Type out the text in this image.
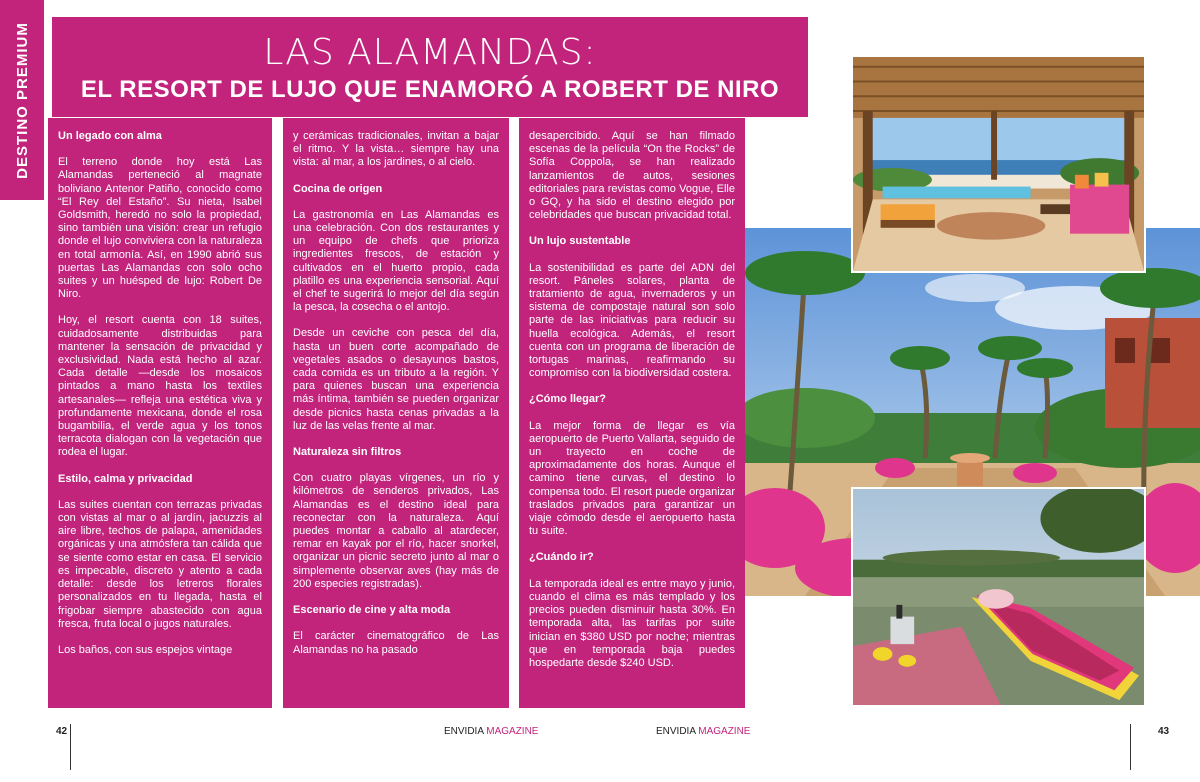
DESTINO PREMIUM	LAS ALAMANDAS:
EL RESORT DE LUJO QUE ENAMORÓ A ROBERT DE NIRO
Un legado con alma

El terreno donde hoy está Las Alamandas perteneció al magnate boliviano Antenor Patiño, conocido como “El Rey del Estaño”. Su nieta, Isabel Goldsmith, heredó no solo la propiedad, sino también una visión: crear un refugio donde el lujo conviviera con la naturaleza en total armonía. Así, en 1990 abrió sus puertas Las Alamandas con solo ocho suites y un huésped de lujo: Robert De Niro.

Hoy, el resort cuenta con 18 suites, cuidadosamente distribuidas para mantener la sensación de privacidad y exclusividad. Nada está hecho al azar. Cada detalle —desde los mosaicos pintados a mano hasta los textiles artesanales— refleja una estética viva y profundamente mexicana, donde el rosa bugambilia, el verde agua y los tonos terracota dialogan con la vegetación que rodea el lugar.

Estilo, calma y privacidad

Las suites cuentan con terrazas privadas con vistas al mar o al jardín, jacuzzis al aire libre, techos de palapa, amenidades orgánicas y una atmósfera tan cálida que se siente como estar en casa. El servicio es impecable, discreto y atento a cada detalle: desde los letreros florales personalizados en tu llegada, hasta el frigobar siempre abastecido con agua fresca, fruta local o jugos naturales.

Los baños, con sus espejos vintage

y cerámicas tradicionales, invitan a bajar el ritmo. Y la vista… siempre hay una vista: al mar, a los jardines, o al cielo.

Cocina de origen

La gastronomía en Las Alamandas es una celebración. Con dos restaurantes y un equipo de chefs que prioriza ingredientes frescos, de estación y cultivados en el huerto propio, cada platillo es una experiencia sensorial. Aquí el chef te sugerirá lo mejor del día según la pesca, la cosecha o el antojo.

Desde un ceviche con pesca del día, hasta un buen corte acompañado de vegetales asados o desayunos bastos, cada comida es un tributo a la región. Y para quienes buscan una experiencia más íntima, también se pueden organizar desde picnics hasta cenas privadas a la luz de las velas frente al mar.

Naturaleza sin filtros

Con cuatro playas vírgenes, un río y kilómetros de senderos privados, Las Alamandas es el destino ideal para reconectar con la naturaleza. Aquí puedes montar a caballo al atardecer, remar en kayak por el río, hacer snorkel, organizar un picnic secreto junto al mar o simplemente observar aves (hay más de 200 especies registradas).

Escenario de cine y alta moda

El carácter cinematográfico de Las Alamandas no ha pasado

desapercibido. Aquí se han filmado escenas de la película “On the Rocks” de Sofía Coppola, se han realizado lanzamientos de autos, sesiones editoriales para revistas como Vogue, Elle o GQ, y ha sido el destino elegido por celebridades que buscan privacidad total.

Un lujo sustentable

La sostenibilidad es parte del ADN del resort. Páneles solares, planta de tratamiento de agua, invernaderos y un sistema de compostaje natural son solo parte de las iniciativas para reducir su huella ecológica. Además, el resort cuenta con un programa de liberación de tortugas marinas, reafirmando su compromiso con la biodiversidad costera.

¿Cómo llegar?

La mejor forma de llegar es vía aeropuerto de Puerto Vallarta, seguido de un trayecto en coche de aproximadamente dos horas. Aunque el camino tiene curvas, el destino lo compensa todo. El resort puede organizar traslados privados para garantizar un viaje cómodo desde el aeropuerto hasta tu suite.

¿Cuándo ir?

La temporada ideal es entre mayo y junio, cuando el clima es más templado y los precios pueden disminuir hasta 30%. En temporada alta, las tarifas por suite inician en $380 USD por noche; mientras que en temporada baja puedes hospedarte desde $240 USD.

42	ENVIDIA MAGAZINE	ENVIDIA MAGAZINE	43
